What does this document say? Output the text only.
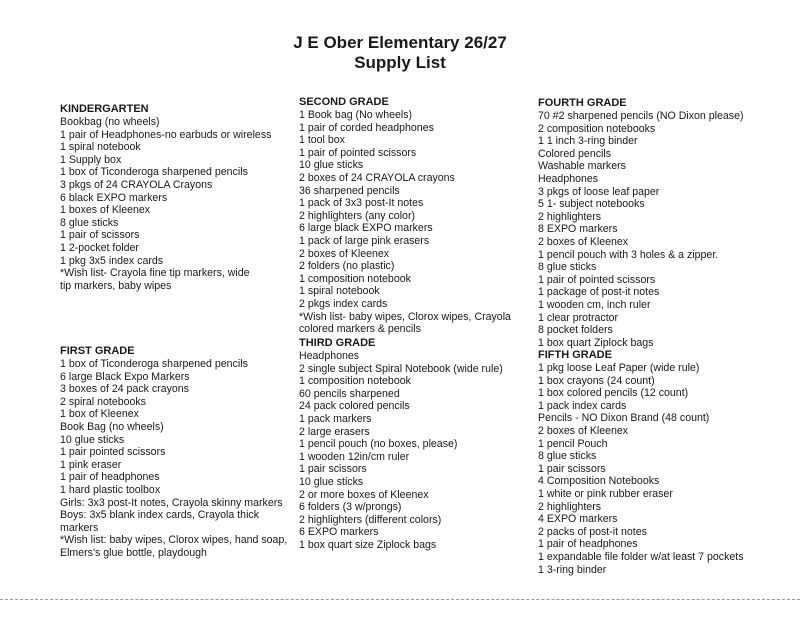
J E Ober Elementary 26/27
Supply List
KINDERGARTEN
Bookbag (no wheels)
1 pair of Headphones-no earbuds or wireless
1 spiral notebook
1 Supply box
1 box of Ticonderoga sharpened pencils
3 pkgs of 24 CRAYOLA Crayons
6 black EXPO markers
1 boxes of Kleenex
8 glue sticks
1 pair of scissors
1 2-pocket folder
1 pkg 3x5 index cards
*Wish list- Crayola fine tip markers, wide
tip markers, baby wipes
FIRST GRADE
1 box of Ticonderoga sharpened pencils
6 large Black Expo Markers
3 boxes of 24 pack crayons
2 spiral notebooks
1 box of Kleenex
Book Bag (no wheels)
10 glue sticks
1 pair pointed scissors
1 pink eraser
1 pair of headphones
1 hard plastic toolbox
Girls: 3x3 post-It notes, Crayola skinny markers
Boys: 3x5 blank index cards, Crayola thick
markers
*Wish list: baby wipes, Clorox wipes, hand soap,
Elmers's glue bottle, playdough
SECOND GRADE
1 Book bag (No wheels)
1 pair of corded headphones
1 tool box
1 pair of pointed scissors
10 glue sticks
2 boxes of 24 CRAYOLA crayons
36 sharpened pencils
1 pack of 3x3 post-It notes
2 highlighters (any color)
6 large black EXPO markers
1 pack of large pink erasers
2 boxes of Kleenex
2 folders (no plastic)
1 composition notebook
1 spiral notebook
2 pkgs index cards
*Wish list- baby wipes, Clorox wipes, Crayola
colored markers & pencils
THIRD GRADE
Headphones
2 single subject Spiral Notebook (wide rule)
1 composition notebook
60 pencils sharpened
24 pack colored pencils
1 pack markers
2 large erasers
1 pencil pouch (no boxes, please)
1 wooden 12in/cm ruler
1 pair scissors
10 glue sticks
2 or more boxes of Kleenex
6 folders (3 w/prongs)
2 highlighters (different colors)
6 EXPO markers
1 box quart size Ziplock bags
FOURTH GRADE
70 #2 sharpened pencils (NO Dixon please)
2 composition notebooks
1 1 inch 3-ring binder
Colored pencils
Washable markers
Headphones
3 pkgs of loose leaf paper
5 1- subject notebooks
2 highlighters
8 EXPO markers
2 boxes of Kleenex
1 pencil pouch with 3 holes & a zipper.
8 glue sticks
1 pair of pointed scissors
1 package of post-it notes
1 wooden cm, inch ruler
1 clear protractor
8 pocket folders
1 box quart Ziplock bags
FIFTH GRADE
1 pkg loose Leaf Paper (wide rule)
1 box crayons (24 count)
1 box colored pencils (12 count)
1 pack index cards
Pencils - NO Dixon Brand (48 count)
2 boxes of Kleenex
1 pencil Pouch
8 glue sticks
1 pair scissors
4 Composition Notebooks
1 white or pink rubber eraser
2 highlighters
4 EXPO markers
2 packs of post-it notes
1 pair of headphones
1 expandable file folder w/at least 7 pockets
1 3-ring binder
